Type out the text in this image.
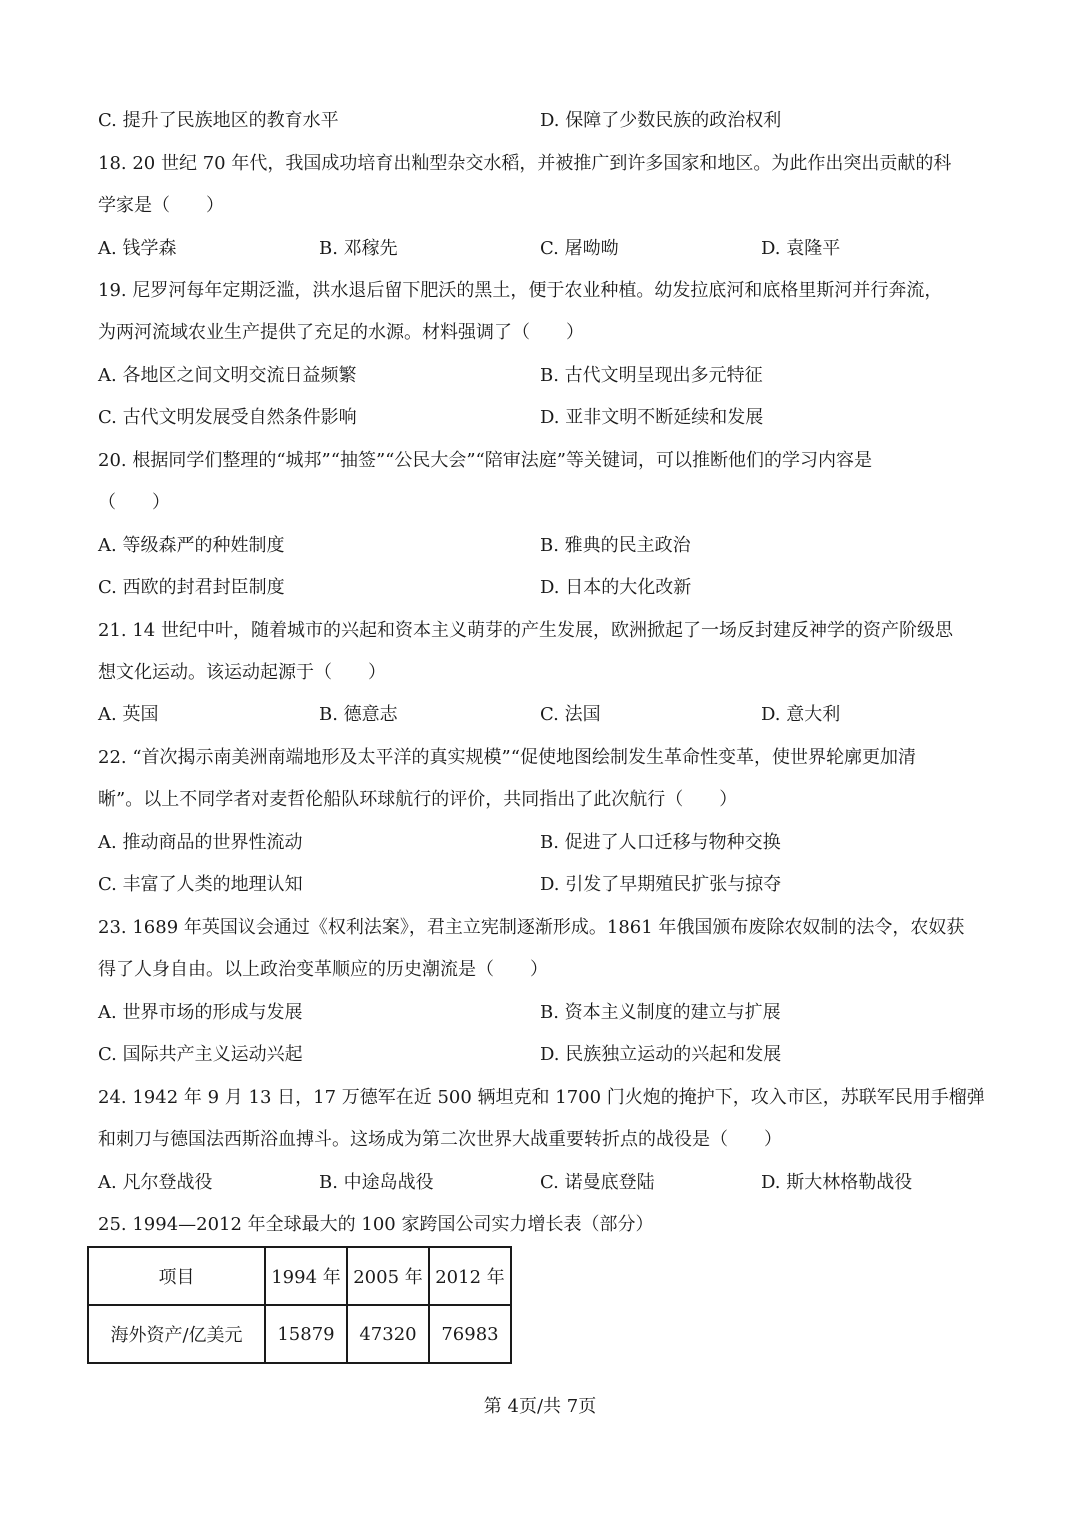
C. 提升了民族地区的教育水平	D. 保障了少数民族的政治权利
18. 20 世纪 70 年代，我国成功培育出籼型杂交水稻，并被推广到许多国家和地区。为此作出突出贡献的科
学家是（　　）
A. 钱学森	B. 邓稼先	C. 屠呦呦	D. 袁隆平
19. 尼罗河每年定期泛滥，洪水退后留下肥沃的黑土，便于农业种植。幼发拉底河和底格里斯河并行奔流，
为两河流域农业生产提供了充足的水源。材料强调了（　　）
A. 各地区之间文明交流日益频繁	B. 古代文明呈现出多元特征
C. 古代文明发展受自然条件影响	D. 亚非文明不断延续和发展
20. 根据同学们整理的“城邦”“抽签”“公民大会”“陪审法庭”等关键词，可以推断他们的学习内容是
（　　）
A. 等级森严的种姓制度	B. 雅典的民主政治
C. 西欧的封君封臣制度	D. 日本的大化改新
21. 14 世纪中叶，随着城市的兴起和资本主义萌芽的产生发展，欧洲掀起了一场反封建反神学的资产阶级思
想文化运动。该运动起源于（　　）
A. 英国	B. 德意志	C. 法国	D. 意大利
22. “首次揭示南美洲南端地形及太平洋的真实规模”“促使地图绘制发生革命性变革，使世界轮廓更加清
晰”。以上不同学者对麦哲伦船队环球航行的评价，共同指出了此次航行（　　）
A. 推动商品的世界性流动	B. 促进了人口迁移与物种交换
C. 丰富了人类的地理认知	D. 引发了早期殖民扩张与掠夺
23. 1689 年英国议会通过《权利法案》，君主立宪制逐渐形成。1861 年俄国颁布废除农奴制的法令，农奴获
得了人身自由。以上政治变革顺应的历史潮流是（　　）
A. 世界市场的形成与发展	B. 资本主义制度的建立与扩展
C. 国际共产主义运动兴起	D. 民族独立运动的兴起和发展
24. 1942 年 9 月 13 日，17 万德军在近 500 辆坦克和 1700 门火炮的掩护下，攻入市区，苏联军民用手榴弹
和刺刀与德国法西斯浴血搏斗。这场成为第二次世界大战重要转折点的战役是（　　）
A. 凡尔登战役	B. 中途岛战役	C. 诺曼底登陆	D. 斯大林格勒战役
25. 1994—2012 年全球最大的 100 家跨国公司实力增长表（部分）
项目	1994 年	2005 年	2012 年
海外资产/亿美元	15879	47320	76983
第 4页/共 7页
